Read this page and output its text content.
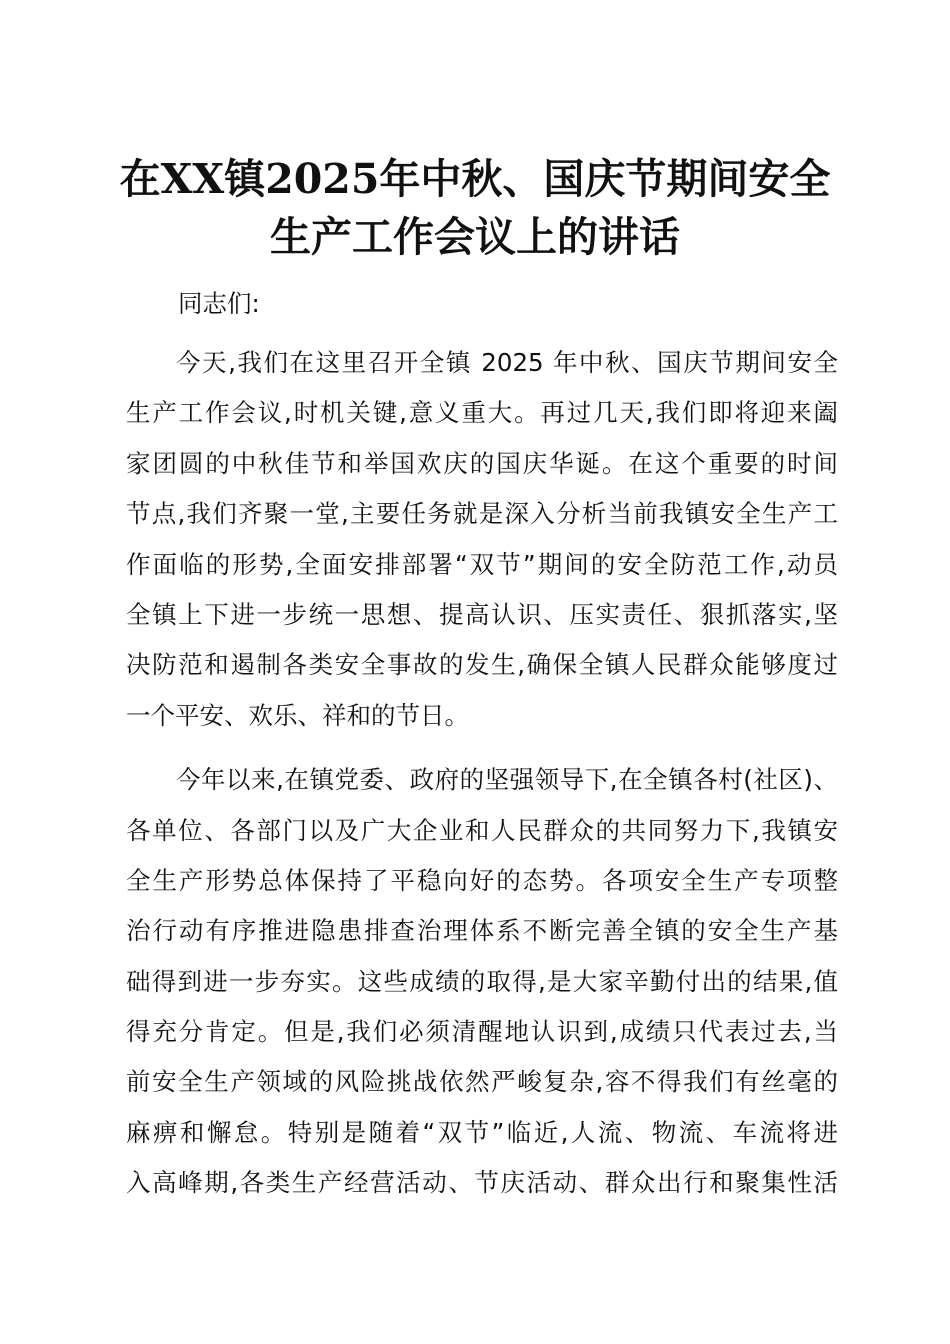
在XX镇2025年中秋、国庆节期间安全
生产工作会议上的讲话

同志们:

今天,我们在这里召开全镇 2025 年中秋、国庆节期间安全
生产工作会议,时机关键,意义重大。再过几天,我们即将迎来阖
家团圆的中秋佳节和举国欢庆的国庆华诞。在这个重要的时间
节点,我们齐聚一堂,主要任务就是深入分析当前我镇安全生产工
作面临的形势,全面安排部署“双节”期间的安全防范工作,动员
全镇上下进一步统一思想、提高认识、压实责任、狠抓落实,坚
决防范和遏制各类安全事故的发生,确保全镇人民群众能够度过
一个平安、欢乐、祥和的节日。

今年以来,在镇党委、政府的坚强领导下,在全镇各村(社区)、
各单位、各部门以及广大企业和人民群众的共同努力下,我镇安
全生产形势总体保持了平稳向好的态势。各项安全生产专项整
治行动有序推进隐患排查治理体系不断完善全镇的安全生产基
础得到进一步夯实。这些成绩的取得,是大家辛勤付出的结果,值
得充分肯定。但是,我们必须清醒地认识到,成绩只代表过去,当
前安全生产领域的风险挑战依然严峻复杂,容不得我们有丝毫的
麻痹和懈怠。特别是随着“双节”临近,人流、物流、车流将进
入高峰期,各类生产经营活动、节庆活动、群众出行和聚集性活
